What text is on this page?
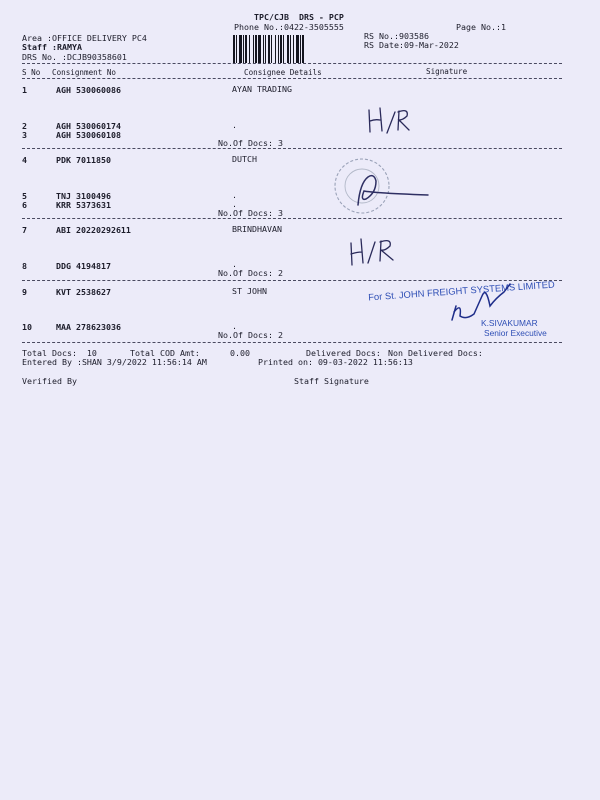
TPC/CJB  DRS - PCP
Phone No.:0422-3505555	Page No.:1
Area :OFFICE DELIVERY PC4
Staff :RAMYA
DRS No. :DCJB90358601
RS No.:903586
RS Date:09-Mar-2022
S No Consignment No	Consignee Details	Signature
1	AGH 530060086	AYAN TRADING
2	AGH 530060174	.
3	AGH 530060108
No.Of Docs: 3
4	PDK 7011850	DUTCH
5	TNJ 3100496	.
6	KRR 5373631	.
No.Of Docs: 3
7	ABI 20220292611	BRINDHAVAN
8	DDG 4194817	.
No.Of Docs: 2
9	KVT 2538627	ST JOHN
10	MAA 278623036	.
No.Of Docs: 2
Total Docs:  10	Total COD Amt:	0.00	Delivered Docs: Non Delivered Docs:
Entered By :SHAN 3/9/2022 11:56:14 AM	Printed on: 09-03-2022 11:56:13
Verified By	Staff Signature
For St. JOHN FREIGHT SYSTEMS LIMITED
K.SIVAKUMAR
Senior Executive
